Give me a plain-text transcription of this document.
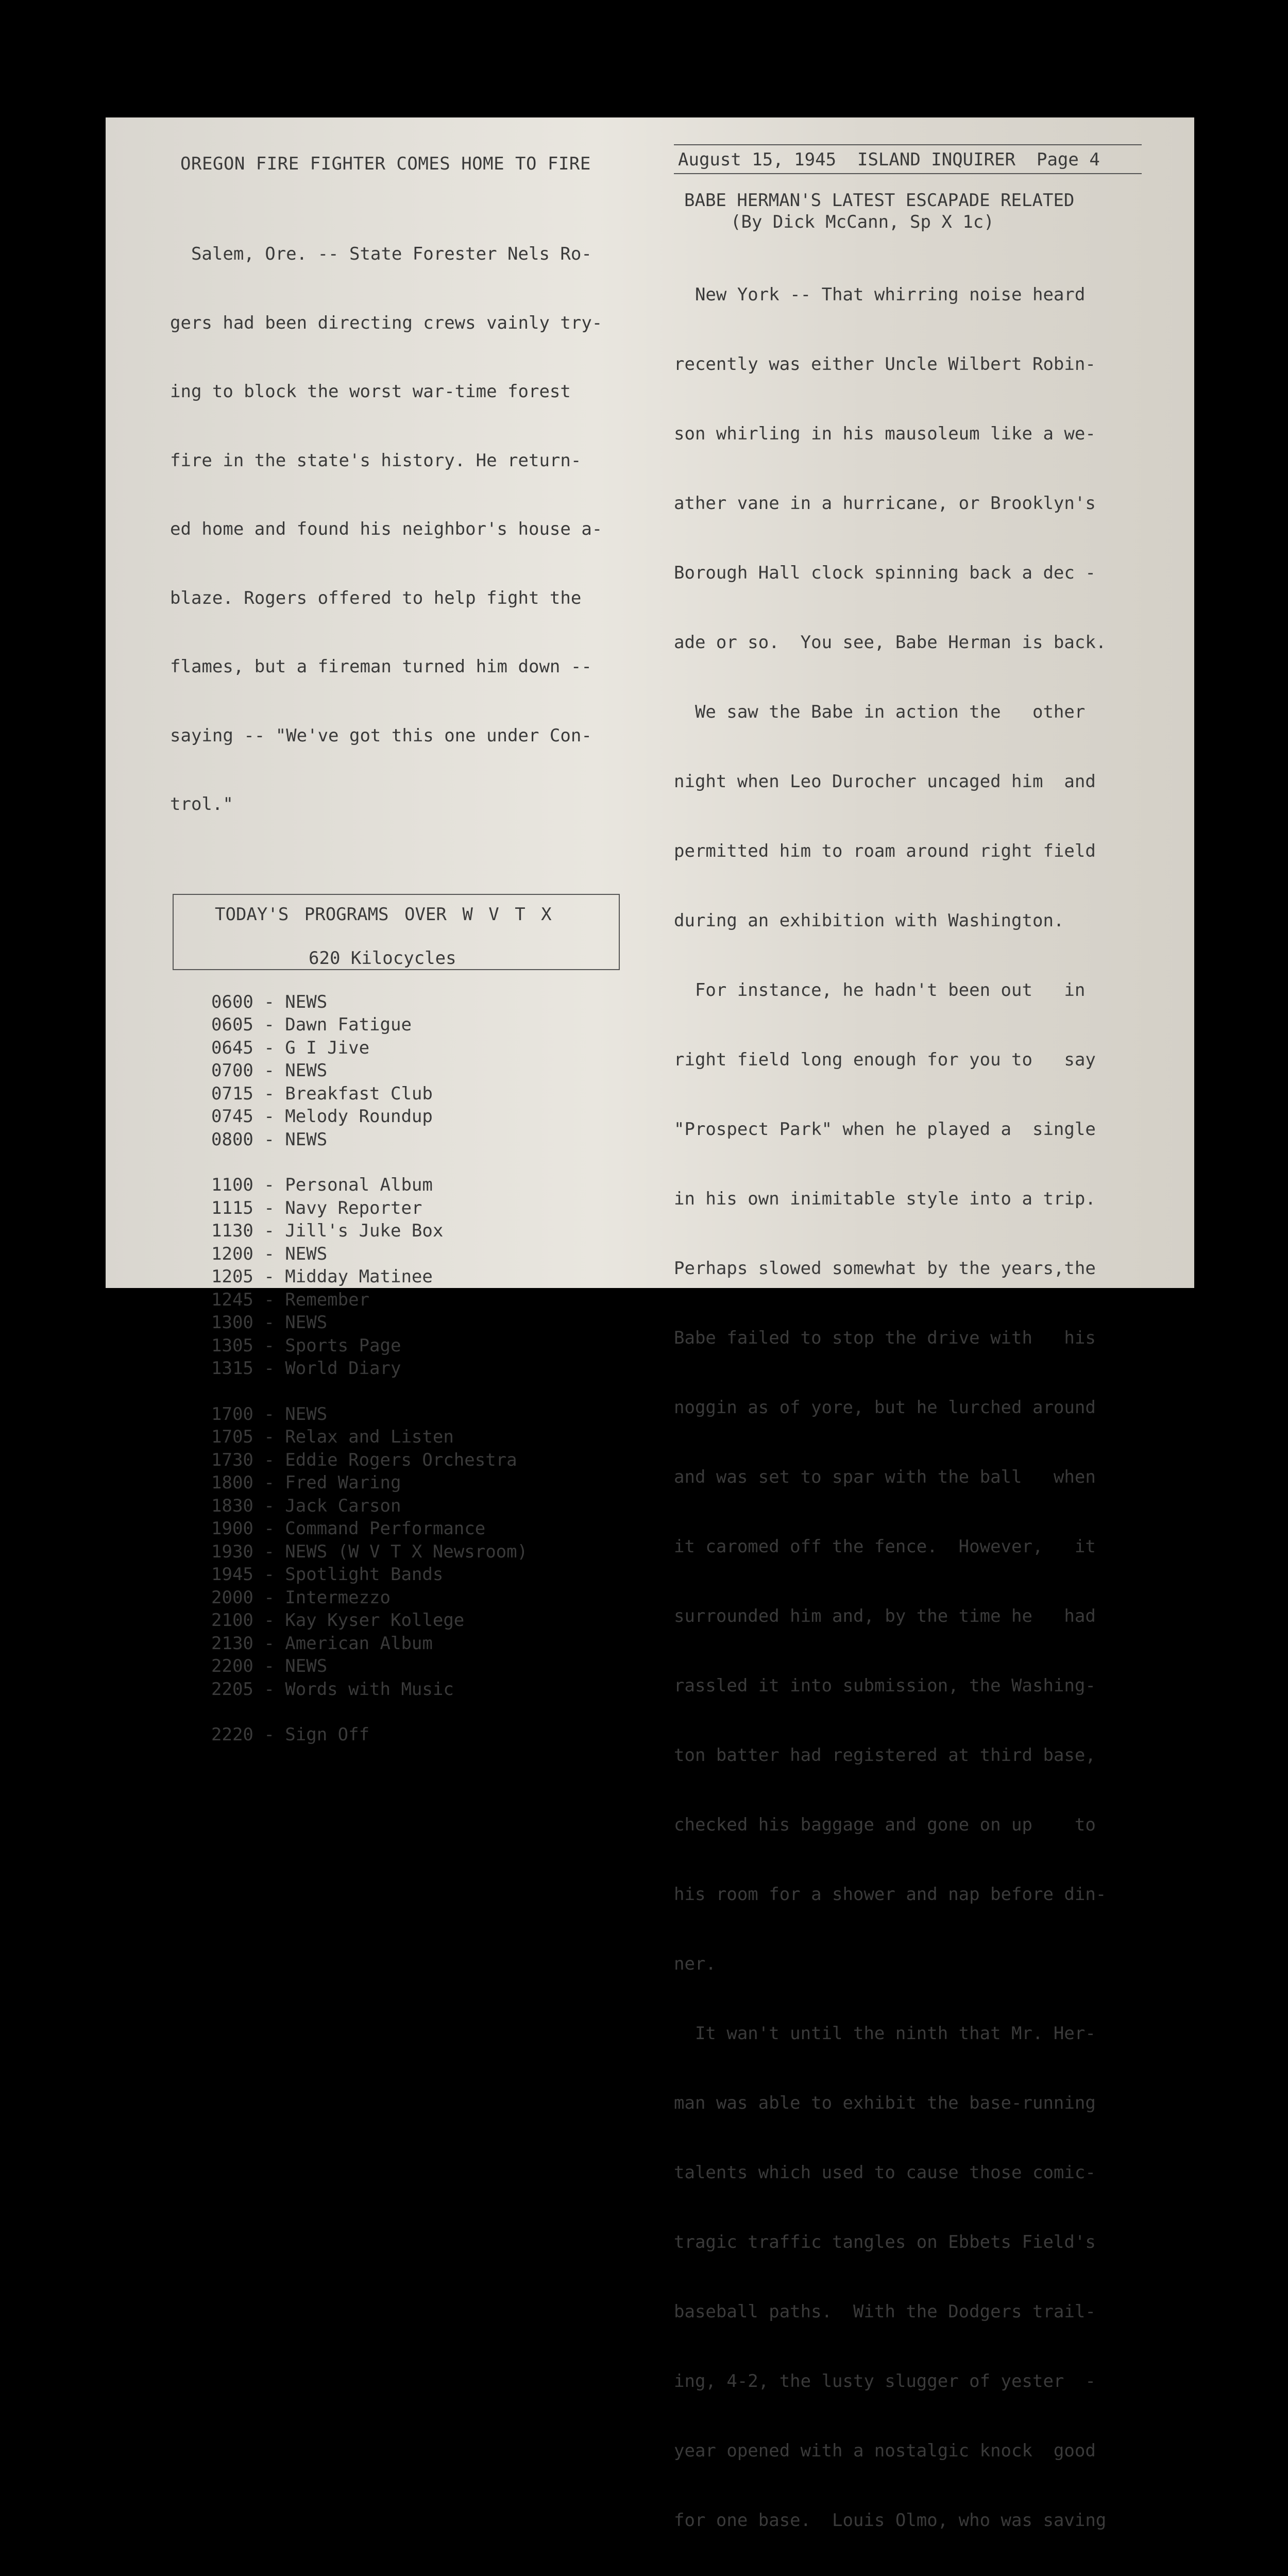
OREGON FIRE FIGHTER COMES HOME TO FIRE

Salem, Ore. -- State Forester Nels Ro-

gers had been directing crews vainly try-

ing to block the worst war-time forest

fire in the state's history. He return-

ed home and found his neighbor's house a-

blaze. Rogers offered to help fight the

flames, but a fireman turned him down --

saying -- "We've got this one under Con-

trol."

TODAY'S PROGRAMS OVER W V T X
620 Kilocycles
0600 - NEWS
0605 - Dawn Fatigue
0645 - G I Jive
0700 - NEWS
0715 - Breakfast Club
0745 - Melody Roundup
0800 - NEWS
1100 - Personal Album
1115 - Navy Reporter
1130 - Jill's Juke Box
1200 - NEWS
1205 - Midday Matinee
1245 - Remember
1300 - NEWS
1305 - Sports Page
1315 - World Diary
1700 - NEWS
1705 - Relax and Listen
1730 - Eddie Rogers Orchestra
1800 - Fred Waring
1830 - Jack Carson
1900 - Command Performance
1930 - NEWS (W V T X Newsroom)
1945 - Spotlight Bands
2000 - Intermezzo
2100 - Kay Kyser Kollege
2130 - American Album
2200 - NEWS
2205 - Words with Music
2220 - Sign Off
August 15, 1945  ISLAND INQUIRER  Page 4
BABE HERMAN'S LATEST ESCAPADE RELATED
(By Dick McCann, Sp X 1c)

New York -- That whirring noise heard

recently was either Uncle Wilbert Robin-

son whirling in his mausoleum like a we-

ather vane in a hurricane, or Brooklyn's

Borough Hall clock spinning back a dec -

ade or so.  You see, Babe Herman is back.

We saw the Babe in action the   other

night when Leo Durocher uncaged him  and

permitted him to roam around right field

during an exhibition with Washington.

For instance, he hadn't been out   in

right field long enough for you to   say

"Prospect Park" when he played a  single

in his own inimitable style into a trip.

Perhaps slowed somewhat by the years,the

Babe failed to stop the drive with   his

noggin as of yore, but he lurched around

and was set to spar with the ball   when

it caromed off the fence.  However,   it

surrounded him and, by the time he   had

rassled it into submission, the Washing-

ton batter had registered at third base,

checked his baggage and gone on up    to

his room for a shower and nap before din-

ner.

It wan't until the ninth that Mr. Her-

man was able to exhibit the base-running

talents which used to cause those comic-

tragic traffic tangles on Ebbets Field's

baseball paths.  With the Dodgers trail-

ing, 4-2, the lusty slugger of yester  -

year opened with a nostalgic knock  good

for one base.  Louis Olmo, who was saving
